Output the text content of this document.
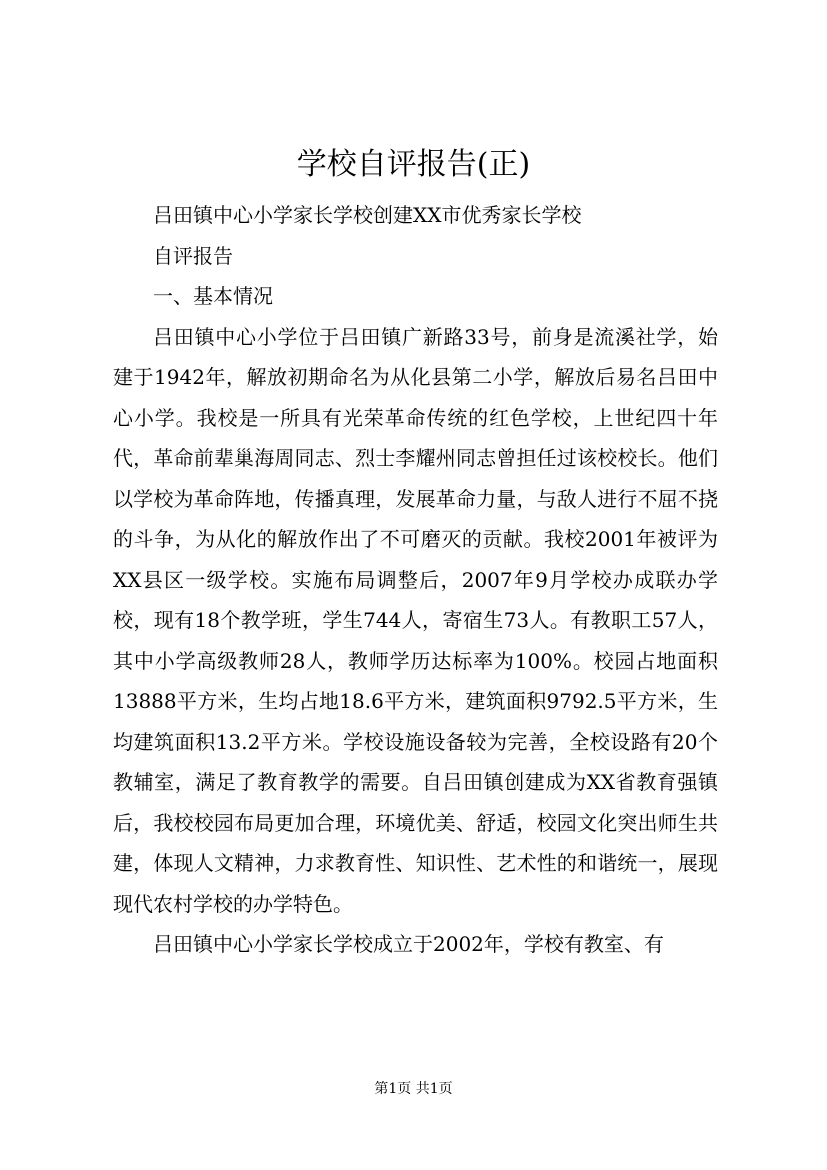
学校自评报告(正)

吕田镇中心小学家长学校创建XX市优秀家长学校

自评报告

一、基本情况

吕田镇中心小学位于吕田镇广新路33号，前身是流溪社学，始建于1942年，解放初期命名为从化县第二小学，解放后易名吕田中心小学。我校是一所具有光荣革命传统的红色学校，上世纪四十年代，革命前辈巢海周同志、烈士李耀州同志曾担任过该校校长。他们以学校为革命阵地，传播真理，发展革命力量，与敌人进行不屈不挠的斗争，为从化的解放作出了不可磨灭的贡献。我校2001年被评为XX县区一级学校。实施布局调整后，2007年9月学校办成联办学校，现有18个教学班，学生744人，寄宿生73人。有教职工57人，其中小学高级教师28人，教师学历达标率为100%。校园占地面积13888平方米，生均占地18.6平方米，建筑面积9792.5平方米，生均建筑面积13.2平方米。学校设施设备较为完善，全校设路有20个教辅室，满足了教育教学的需要。自吕田镇创建成为XX省教育强镇后，我校校园布局更加合理，环境优美、舒适，校园文化突出师生共建，体现人文精神，力求教育性、知识性、艺术性的和谐统一，展现现代农村学校的办学特色。

吕田镇中心小学家长学校成立于2002年，学校有教室、有

第1页 共1页
